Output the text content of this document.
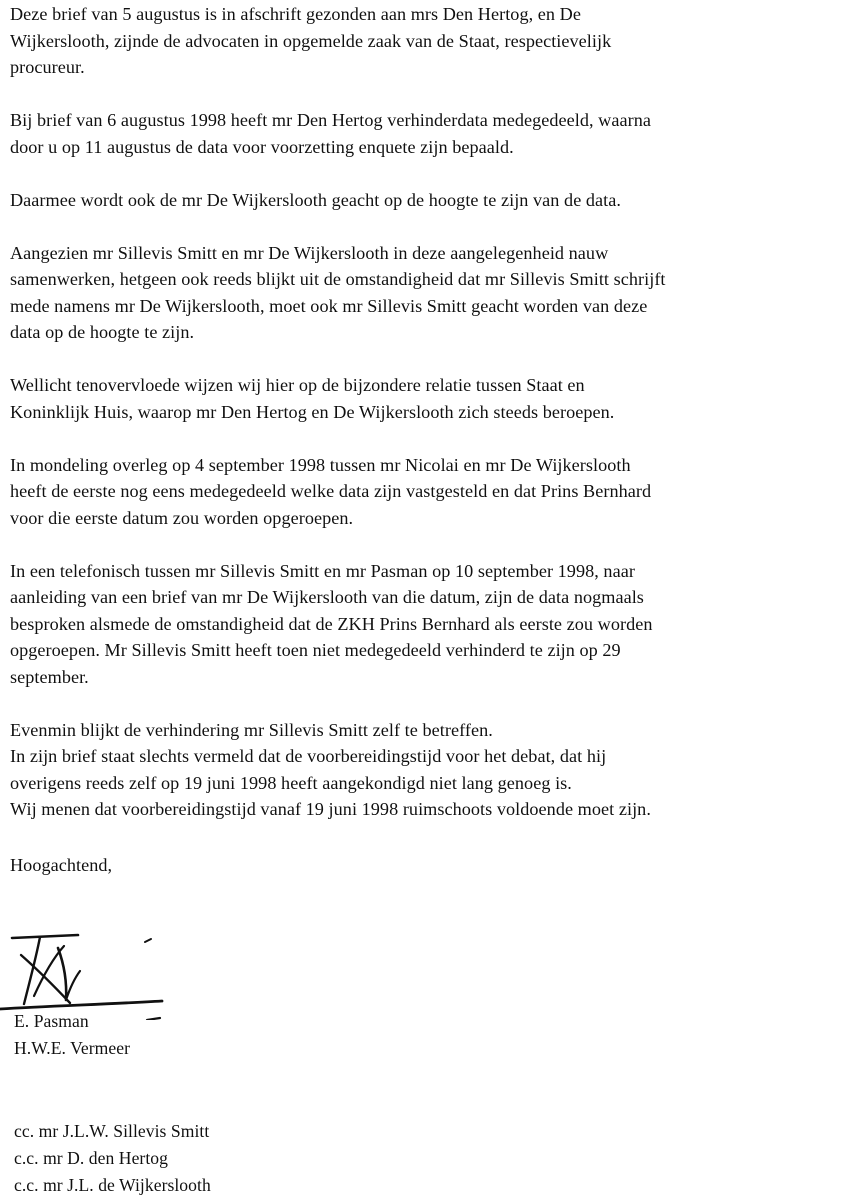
Deze brief van 5 augustus is in afschrift gezonden aan mrs Den Hertog, en De
Wijkerslooth, zijnde de advocaten in opgemelde zaak van de Staat, respectievelijk
procureur.

Bij brief van 6 augustus 1998 heeft mr Den Hertog verhinderdata medegedeeld, waarna
door u op 11 augustus de data voor voorzetting enquete zijn bepaald.

Daarmee wordt ook de mr De Wijkerslooth geacht op de hoogte te zijn van de data.

Aangezien mr Sillevis Smitt en mr De Wijkerslooth in deze aangelegenheid nauw
samenwerken, hetgeen ook reeds blijkt uit de omstandigheid dat mr Sillevis Smitt schrijft
mede namens mr De Wijkerslooth, moet ook mr Sillevis Smitt geacht worden van deze
data op de hoogte te zijn.

Wellicht tenovervloede wijzen wij hier op de bijzondere relatie tussen Staat en
Koninklijk Huis, waarop mr Den Hertog en De Wijkerslooth zich steeds beroepen.

In mondeling overleg op 4 september 1998 tussen mr Nicolai en mr De Wijkerslooth
heeft de eerste nog eens medegedeeld welke data zijn vastgesteld en dat Prins Bernhard
voor die eerste datum zou worden opgeroepen.

In een telefonisch tussen mr Sillevis Smitt en mr Pasman op 10 september 1998, naar
aanleiding van een brief van mr De Wijkerslooth van die datum, zijn de data nogmaals
besproken alsmede de omstandigheid dat de ZKH Prins Bernhard als eerste zou worden
opgeroepen. Mr Sillevis Smitt heeft toen niet medegedeeld verhinderd te zijn op 29
september.

Evenmin blijkt de verhindering mr Sillevis Smitt zelf te betreffen.
In zijn brief staat slechts vermeld dat de voorbereidingstijd voor het debat, dat hij
overigens reeds zelf op 19 juni 1998 heeft aangekondigd niet lang genoeg is.
Wij menen dat voorbereidingstijd vanaf 19 juni 1998 ruimschoots voldoende moet zijn.

Hoogachtend,

E. Pasman
H.W.E. Vermeer
cc. mr J.L.W. Sillevis Smitt
c.c. mr D. den Hertog
c.c. mr J.L. de Wijkerslooth
